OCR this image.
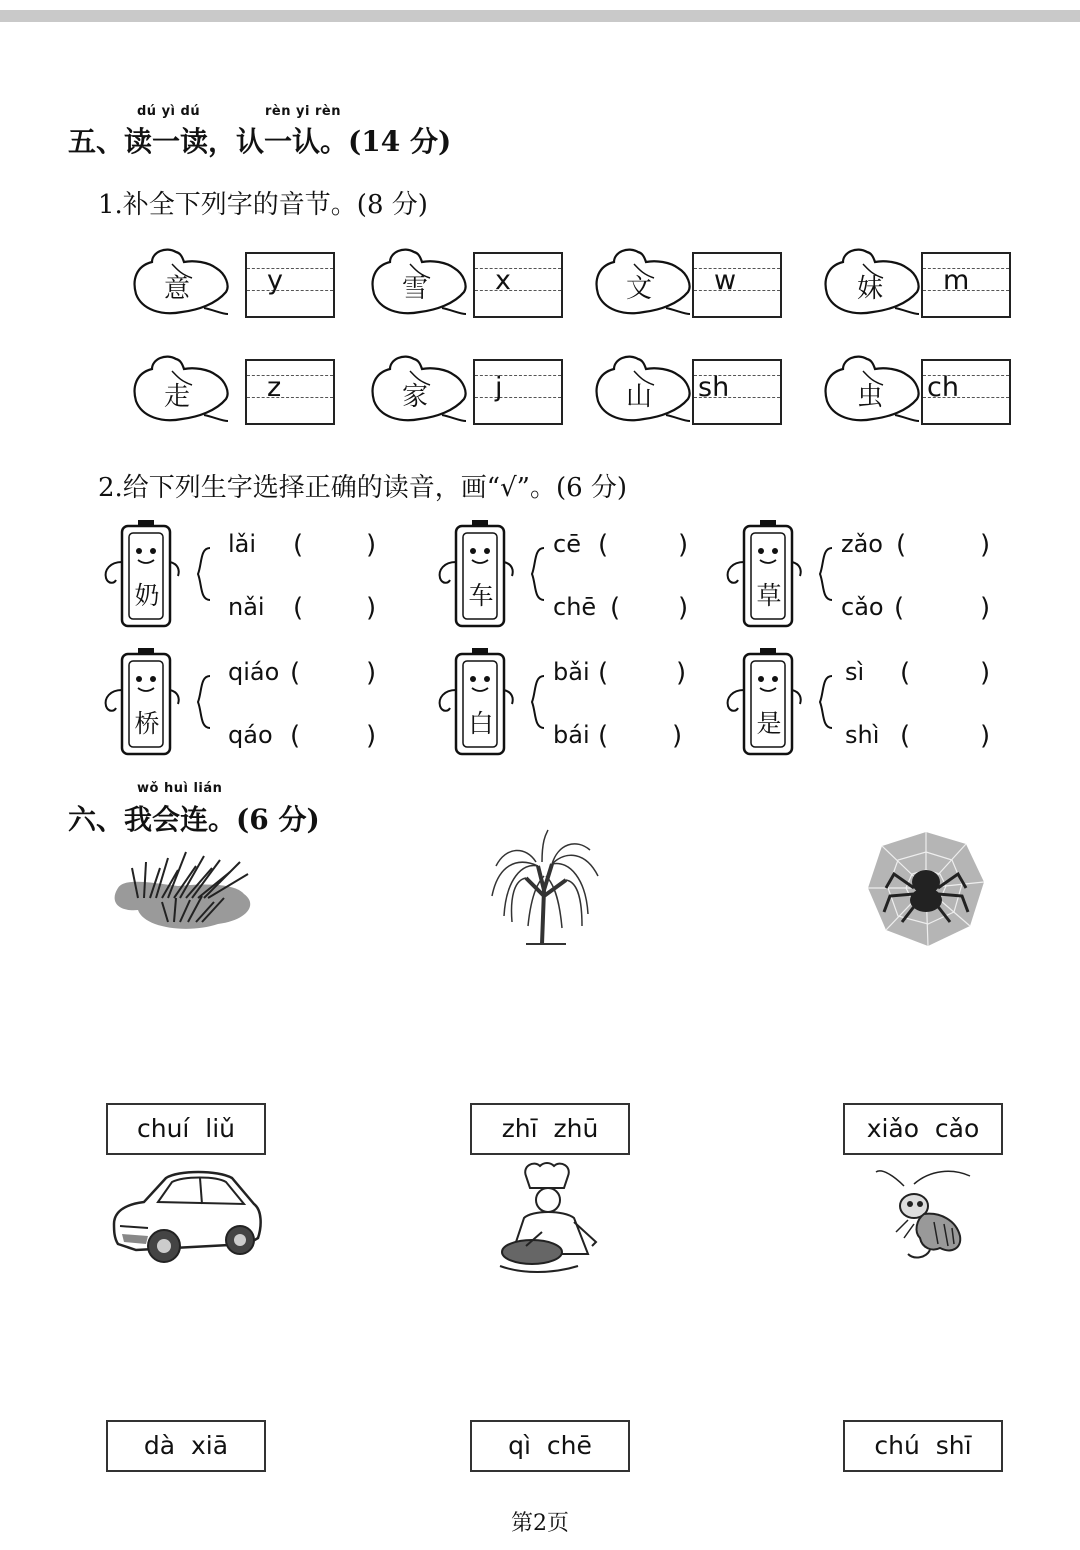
dú yì dú	rèn yi rèn
五、读一读，认一认。(14 分)
1.补全下列字的音节。(8 分)
意	y	雪	x	文	w	妹	m
走	z	家	j	山	sh	虫	ch
2.给下列生字选择正确的读音，画“√”。(6 分)
奶
lǎi ( )
nǎi ( )	车
cē (	)
chē ( )	草
zǎo (	)
cǎo (	)
桥
qiáo (	)
qáo (	)	白
bǎi (	)
bái ( )	是
sì (	)
shì (	)
wǒ huì lián
六、我会连。(6 分)
chuí  liǔ	zhī  zhū	xiǎo  cǎo
dà  xiā	qì  chē	chú  shī
第2页
